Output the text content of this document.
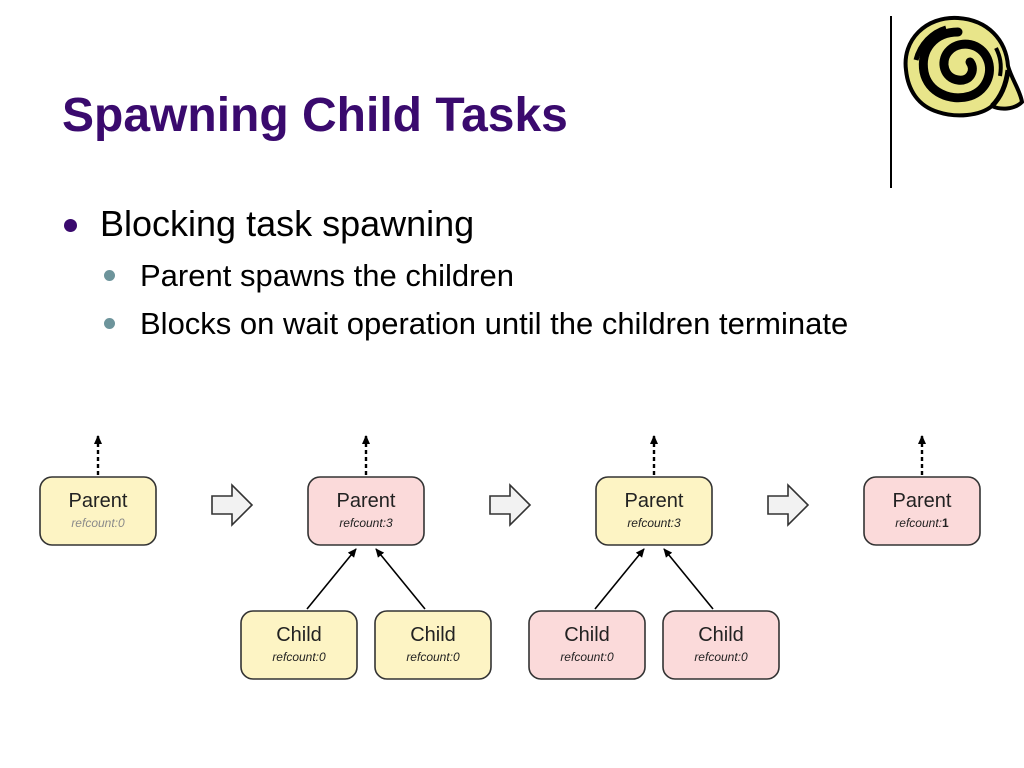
Spawning Child Tasks
Blocking task spawning
Parent spawns the children
Blocks on wait operation until the children terminate
Parent
refcount:0
Parent
refcount:3
Child
refcount:0
Child
refcount:0
Parent
refcount:3
Child
refcount:0
Child
refcount:0
Parent
refcount:1
